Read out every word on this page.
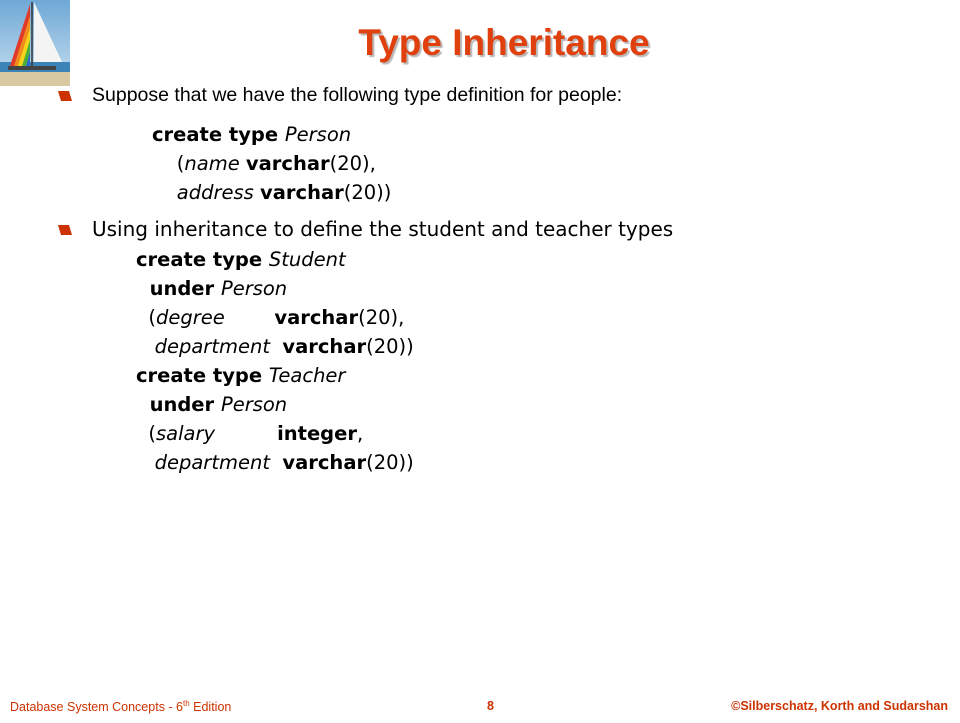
Type Inheritance
Suppose that we have the following type definition for people:
create type Person
(name varchar(20),
address varchar(20))
Using inheritance to define the student and teacher types
create type Student
under Person
(degree	varchar(20),
department varchar(20))
create type Teacher
under Person
(salary	integer,
department varchar(20))
Database System Concepts - 6th Edition	8	©Silberschatz, Korth and Sudarshan
